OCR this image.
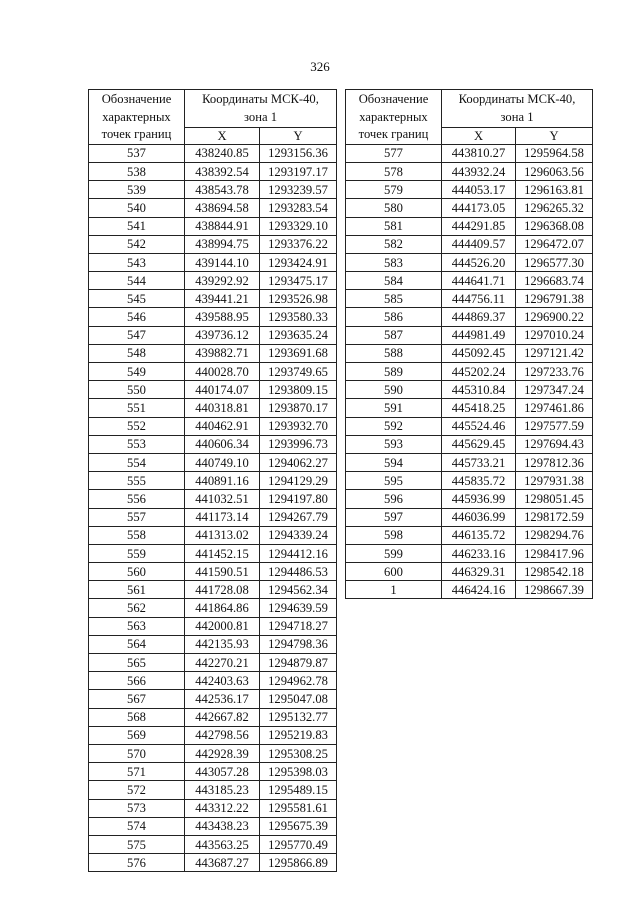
326
Обозначение
характерных
точек границ	Координаты МСК-40,
зона 1	

	X	Y
537	438240.85	1293156.36
538	438392.54	1293197.17
539	438543.78	1293239.57
540	438694.58	1293283.54
541	438844.91	1293329.10
542	438994.75	1293376.22
543	439144.10	1293424.91
544	439292.92	1293475.17
545	439441.21	1293526.98
546	439588.95	1293580.33
547	439736.12	1293635.24
548	439882.71	1293691.68
549	440028.70	1293749.65
550	440174.07	1293809.15
551	440318.81	1293870.17
552	440462.91	1293932.70
553	440606.34	1293996.73
554	440749.10	1294062.27
555	440891.16	1294129.29
556	441032.51	1294197.80
557	441173.14	1294267.79
558	441313.02	1294339.24
559	441452.15	1294412.16
560	441590.51	1294486.53
561	441728.08	1294562.34
562	441864.86	1294639.59
563	442000.81	1294718.27
564	442135.93	1294798.36
565	442270.21	1294879.87
566	442403.63	1294962.78
567	442536.17	1295047.08
568	442667.82	1295132.77
569	442798.56	1295219.83
570	442928.39	1295308.25
571	443057.28	1295398.03
572	443185.23	1295489.15
573	443312.22	1295581.61
574	443438.23	1295675.39
575	443563.25	1295770.49
576	443687.27	1295866.89
Обозначение
характерных
точек границ	Координаты МСК-40,
зона 1	

	X	Y
577	443810.27	1295964.58
578	443932.24	1296063.56
579	444053.17	1296163.81
580	444173.05	1296265.32
581	444291.85	1296368.08
582	444409.57	1296472.07
583	444526.20	1296577.30
584	444641.71	1296683.74
585	444756.11	1296791.38
586	444869.37	1296900.22
587	444981.49	1297010.24
588	445092.45	1297121.42
589	445202.24	1297233.76
590	445310.84	1297347.24
591	445418.25	1297461.86
592	445524.46	1297577.59
593	445629.45	1297694.43
594	445733.21	1297812.36
595	445835.72	1297931.38
596	445936.99	1298051.45
597	446036.99	1298172.59
598	446135.72	1298294.76
599	446233.16	1298417.96
600	446329.31	1298542.18
1	446424.16	1298667.39
